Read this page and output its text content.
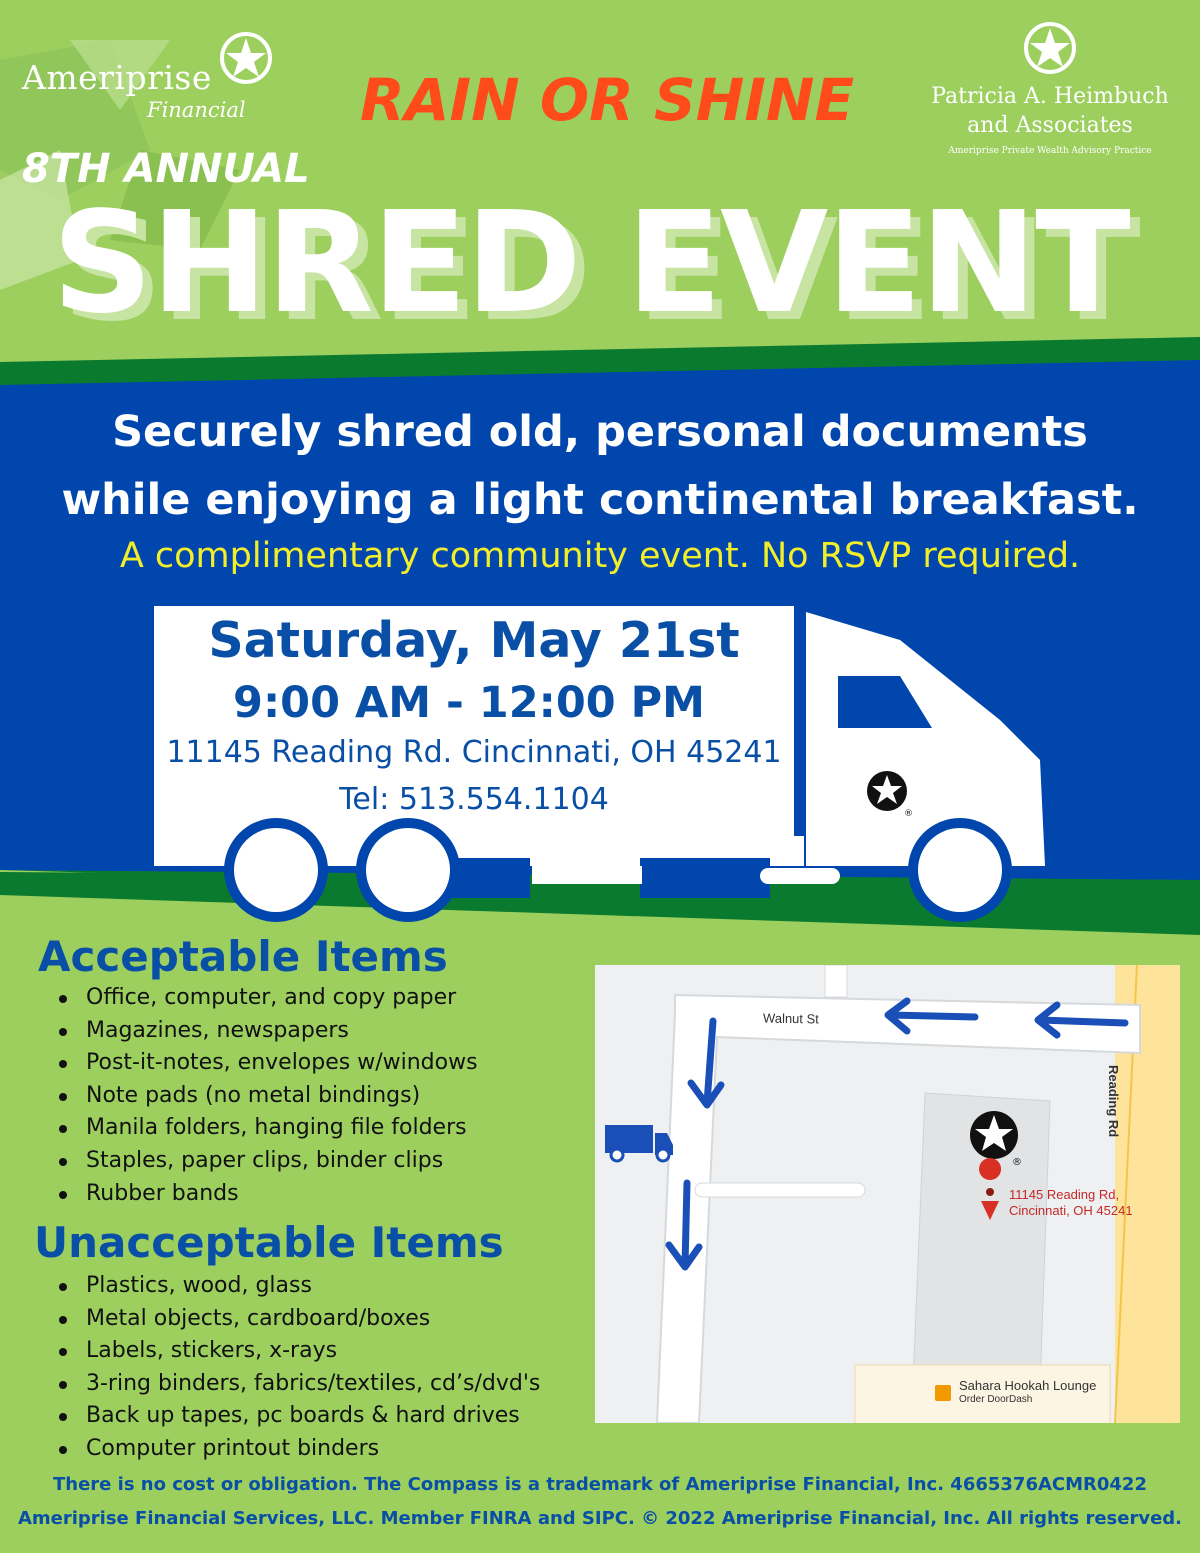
®
Ameriprise
Financial RAIN OR SHINE
8TH ANNUAL
SHRED EVENT
Patricia A. Heimbuch
and Associates
Ameriprise Private Wealth Advisory Practice
Securely shred old, personal documents
while enjoying a light continental breakfast.
A complimentary community event. No RSVP required.
Saturday, May 21st
9:00 AM - 12:00 PM
11145 Reading Rd. Cincinnati, OH 45241
Tel: 513.554.1104
Acceptable Items
Office, computer, and copy paper
Magazines, newspapers
Post-it-notes, envelopes w/windows
Note pads (no metal bindings)
Manila folders, hanging file folders
Staples, paper clips, binder clips
Rubber bands
Unacceptable Items
Plastics, wood, glass
Metal objects, cardboard/boxes
Labels, stickers, x-rays
3-ring binders, fabrics/textiles, cd’s/dvd's
Back up tapes, pc boards & hard drives
Computer printout binders
®
Walnut St
Reading Rd
11145 Reading Rd,
Cincinnati, OH 45241
Sahara Hookah Lounge
Order DoorDash
There is no cost or obligation. The Compass is a trademark of Ameriprise Financial, Inc. 4665376ACMR0422
Ameriprise Financial Services, LLC. Member FINRA and SIPC. © 2022 Ameriprise Financial, Inc. All rights reserved.
